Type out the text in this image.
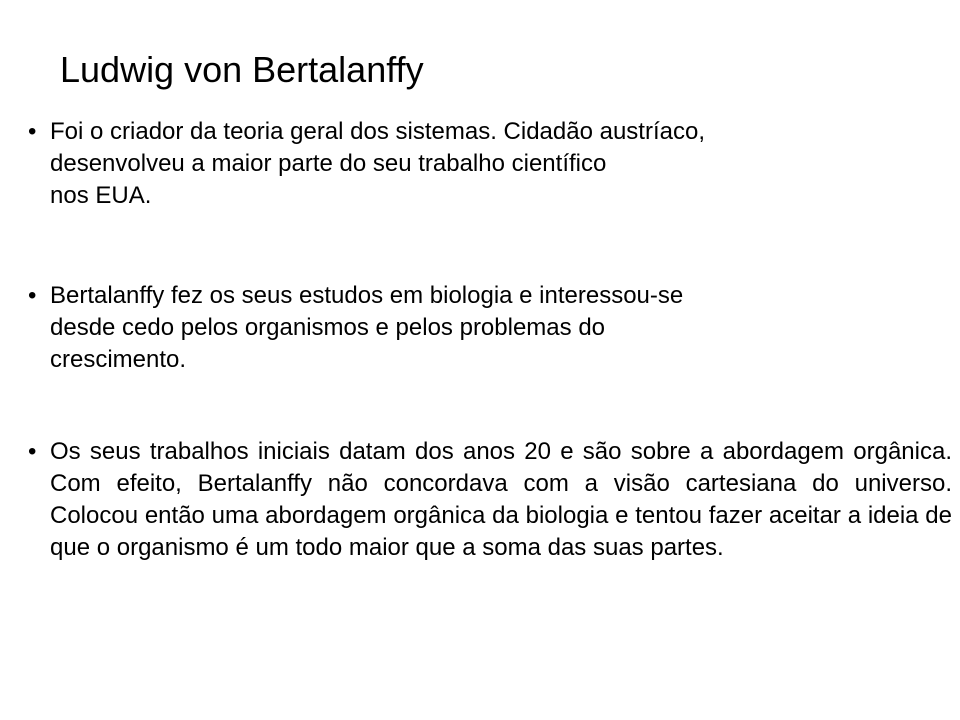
Ludwig von Bertalanffy
• Foi o criador da teoria geral dos sistemas. Cidadão austríaco,
desenvolveu a maior parte do seu trabalho científico
nos EUA.
• Bertalanffy fez os seus estudos em biologia e interessou-se
desde cedo pelos organismos e pelos problemas do
crescimento.
• Os seus trabalhos iniciais datam dos anos 20 e são sobre a abordagem orgânica. Com efeito, Bertalanffy não concordava com a visão cartesiana do universo. Colocou então uma abordagem orgânica da biologia e tentou fazer aceitar a ideia de que o organismo é um todo maior que a soma das suas partes.
